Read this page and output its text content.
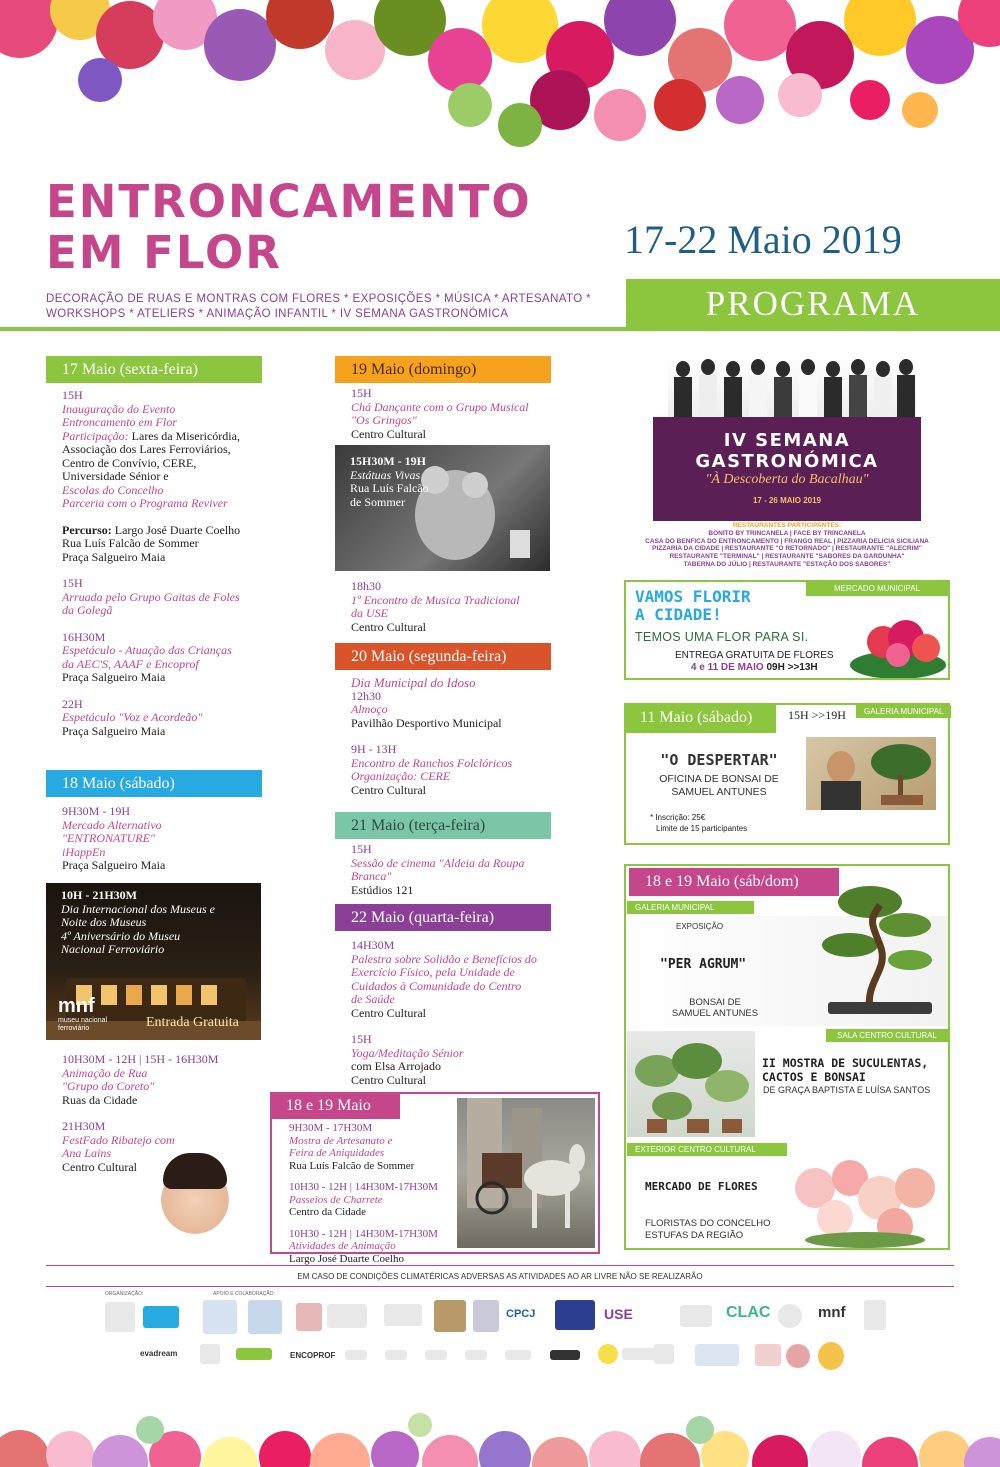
ENTRONCAMENTO
EM FLOR
DECORAÇÃO DE RUAS E MONTRAS COM FLORES * EXPOSIÇÕES * MÚSICA * ARTESANATO *
WORKSHOPS * ATELIERS * ANIMAÇÃO INFANTIL * IV SEMANA GASTRONÓMICA
17-22 Maio 2019
PROGRAMA
17 Maio (sexta-feira)
15H
Inauguração do Evento
Entroncamento em Flor
Participação: Lares da Misericórdia,
Associação dos Lares Ferroviários,
Centro de Convívio, CERE,
Universidade Sénior e
Escolas do Concelho
Parceria com o Programa Reviver
Percurso: Largo José Duarte Coelho
Rua Luís Falcão de Sommer
Praça Salgueiro Maia
15H
Arruada pelo Grupo Gaitas de Foles
da Golegã
16H30M
Espetáculo - Atuação das Crianças
da AEC'S, AAAF e Encoprof
Praça Salgueiro Maia
22H
Espetáculo "Voz e Acordeão"
Praça Salgueiro Maia
18 Maio (sábado)
9H30M - 19H
Mercado Alternativo
"ENTRONATURE"
iHappEn
Praça Salgueiro Maia
10H - 21H30M
Dia Internacional dos Museus e
Noite dos Museus
4º Aniversário do Museu
Nacional Ferroviário
mnf
museu nacional
ferroviário	Entrada Gratuita
10H30M - 12H | 15H - 16H30M
Animação de Rua
"Grupo do Coreto"
Ruas da Cidade
21H30M
FestFado Ribatejo com
Ana Lains
Centro Cultural
19 Maio (domingo)
15H
Chá Dançante com o Grupo Musical
"Os Gringos"
Centro Cultural
15H30M - 19H
Estátuas Vivas
Rua Luís Falcão
de Sommer
18h30
1º Encontro de Musica Tradicional
da USE
Centro Cultural
20 Maio (segunda-feira)
Dia Municipal do Idoso
12h30
Almoço
Pavilhão Desportivo Municipal
9H - 13H
Encontro de Ranchos Folclóricos
Organização: CERE
Centro Cultural
21 Maio (terça-feira)
15H
Sessão de cinema "Aldeia da Roupa
Branca"
Estúdios 121
22 Maio (quarta-feira)
14H30M
Palestra sobre Solidão e Benefícios do
Exercício Físico, pela Unidade de
Cuidados à Comunidade do Centro
de Saúde
Centro Cultural
15H
Yoga/Meditação Sénior
com Elsa Arrojado
Centro Cultural
18 e 19 Maio
9H30M - 17H30M
Mostra de Artesanato e
Feira de Aniquidades
Rua Luís Falcão de Sommer
10H30 - 12H | 14H30M-17H30M
Passeios de Charrete
Centro da Cidade
10H30 - 12H | 14H30M-17H30M
Atividades de Animação
Largo José Duarte Coelho
IV SEMANA
GASTRONÓMICA
"À Descoberta do Bacalhau"
17 - 26 MAIO 2019
RESTAURANTES PARTICIPANTES:
BONITO BY TRINCANELA | FACE BY TRINCANELA
CASA DO BENFICA DO ENTRONCAMENTO | FRANGO REAL | PIZZARIA DELICIA SICILIANA
PIZZARIA DA CIDADE | RESTAURANTE "O RETORNADO" | RESTAURANTE "ALECRIM"
RESTAURANTE "TERMINAL" | RESTAURANTE "SABORES DA GARDUNHA"
TABERNA DO JÚLIO | RESTAURANTE "ESTAÇÃO DOS SABORES"
MERCADO MUNICIPAL
VAMOS FLORIR
A CIDADE!
TEMOS UMA FLOR PARA SI.
ENTREGA GRATUITA DE FLORES
4 e 11 DE MAIO 09H >>13H
11 Maio (sábado)	15H >>19H	GALERIA MUNICIPAL
"O DESPERTAR"
OFICINA DE BONSAI DE
SAMUEL ANTUNES
* Inscrição: 25€
Limite de 15 participantes
18 e 19 Maio (sáb/dom)
GALERIA MUNICIPAL
EXPOSIÇÃO
"PER AGRUM"
BONSAI DE
SAMUEL ANTUNES
SALA CENTRO CULTURAL
II MOSTRA DE SUCULENTAS,
CACTOS E BONSAI
DE GRAÇA BAPTISTA E LUÍSA SANTOS
EXTERIOR CENTRO CULTURAL
MERCADO DE FLORES
FLORISTAS DO CONCELHO
ESTUFAS DA REGIÃO
EM CASO DE CONDIÇÕES CLIMATÉRICAS ADVERSAS AS ATIVIDADES AO AR LIVRE NÃO SE REALIZARÃO
ORGANIZAÇÃO:	APOIO E COLABORAÇÃO:
CPCJ	USE	CLAC	mnf
evadream	ENCOPROF
